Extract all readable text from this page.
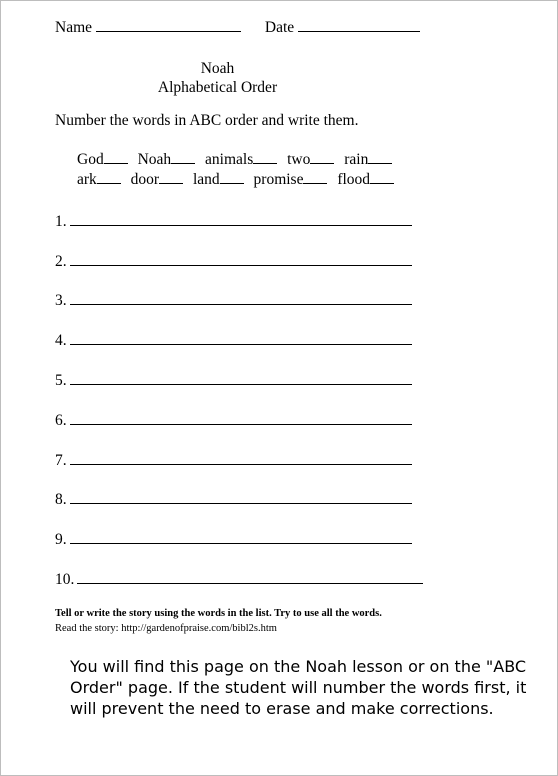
Name	Date
Noah
Alphabetical Order
Number the words in ABC order and write them.
God Noah animals two rain
ark door land promise flood
1.
2.
3.
4.
5.
6.
7.
8.
9.
10.
Tell or write the story using the words in the list. Try to use all the words.
Read the story: http://gardenofpraise.com/bibl2s.htm
You will find this page on the Noah lesson or on the "ABC Order" page. If the student will number the words first, it will prevent the need to erase and make corrections.
